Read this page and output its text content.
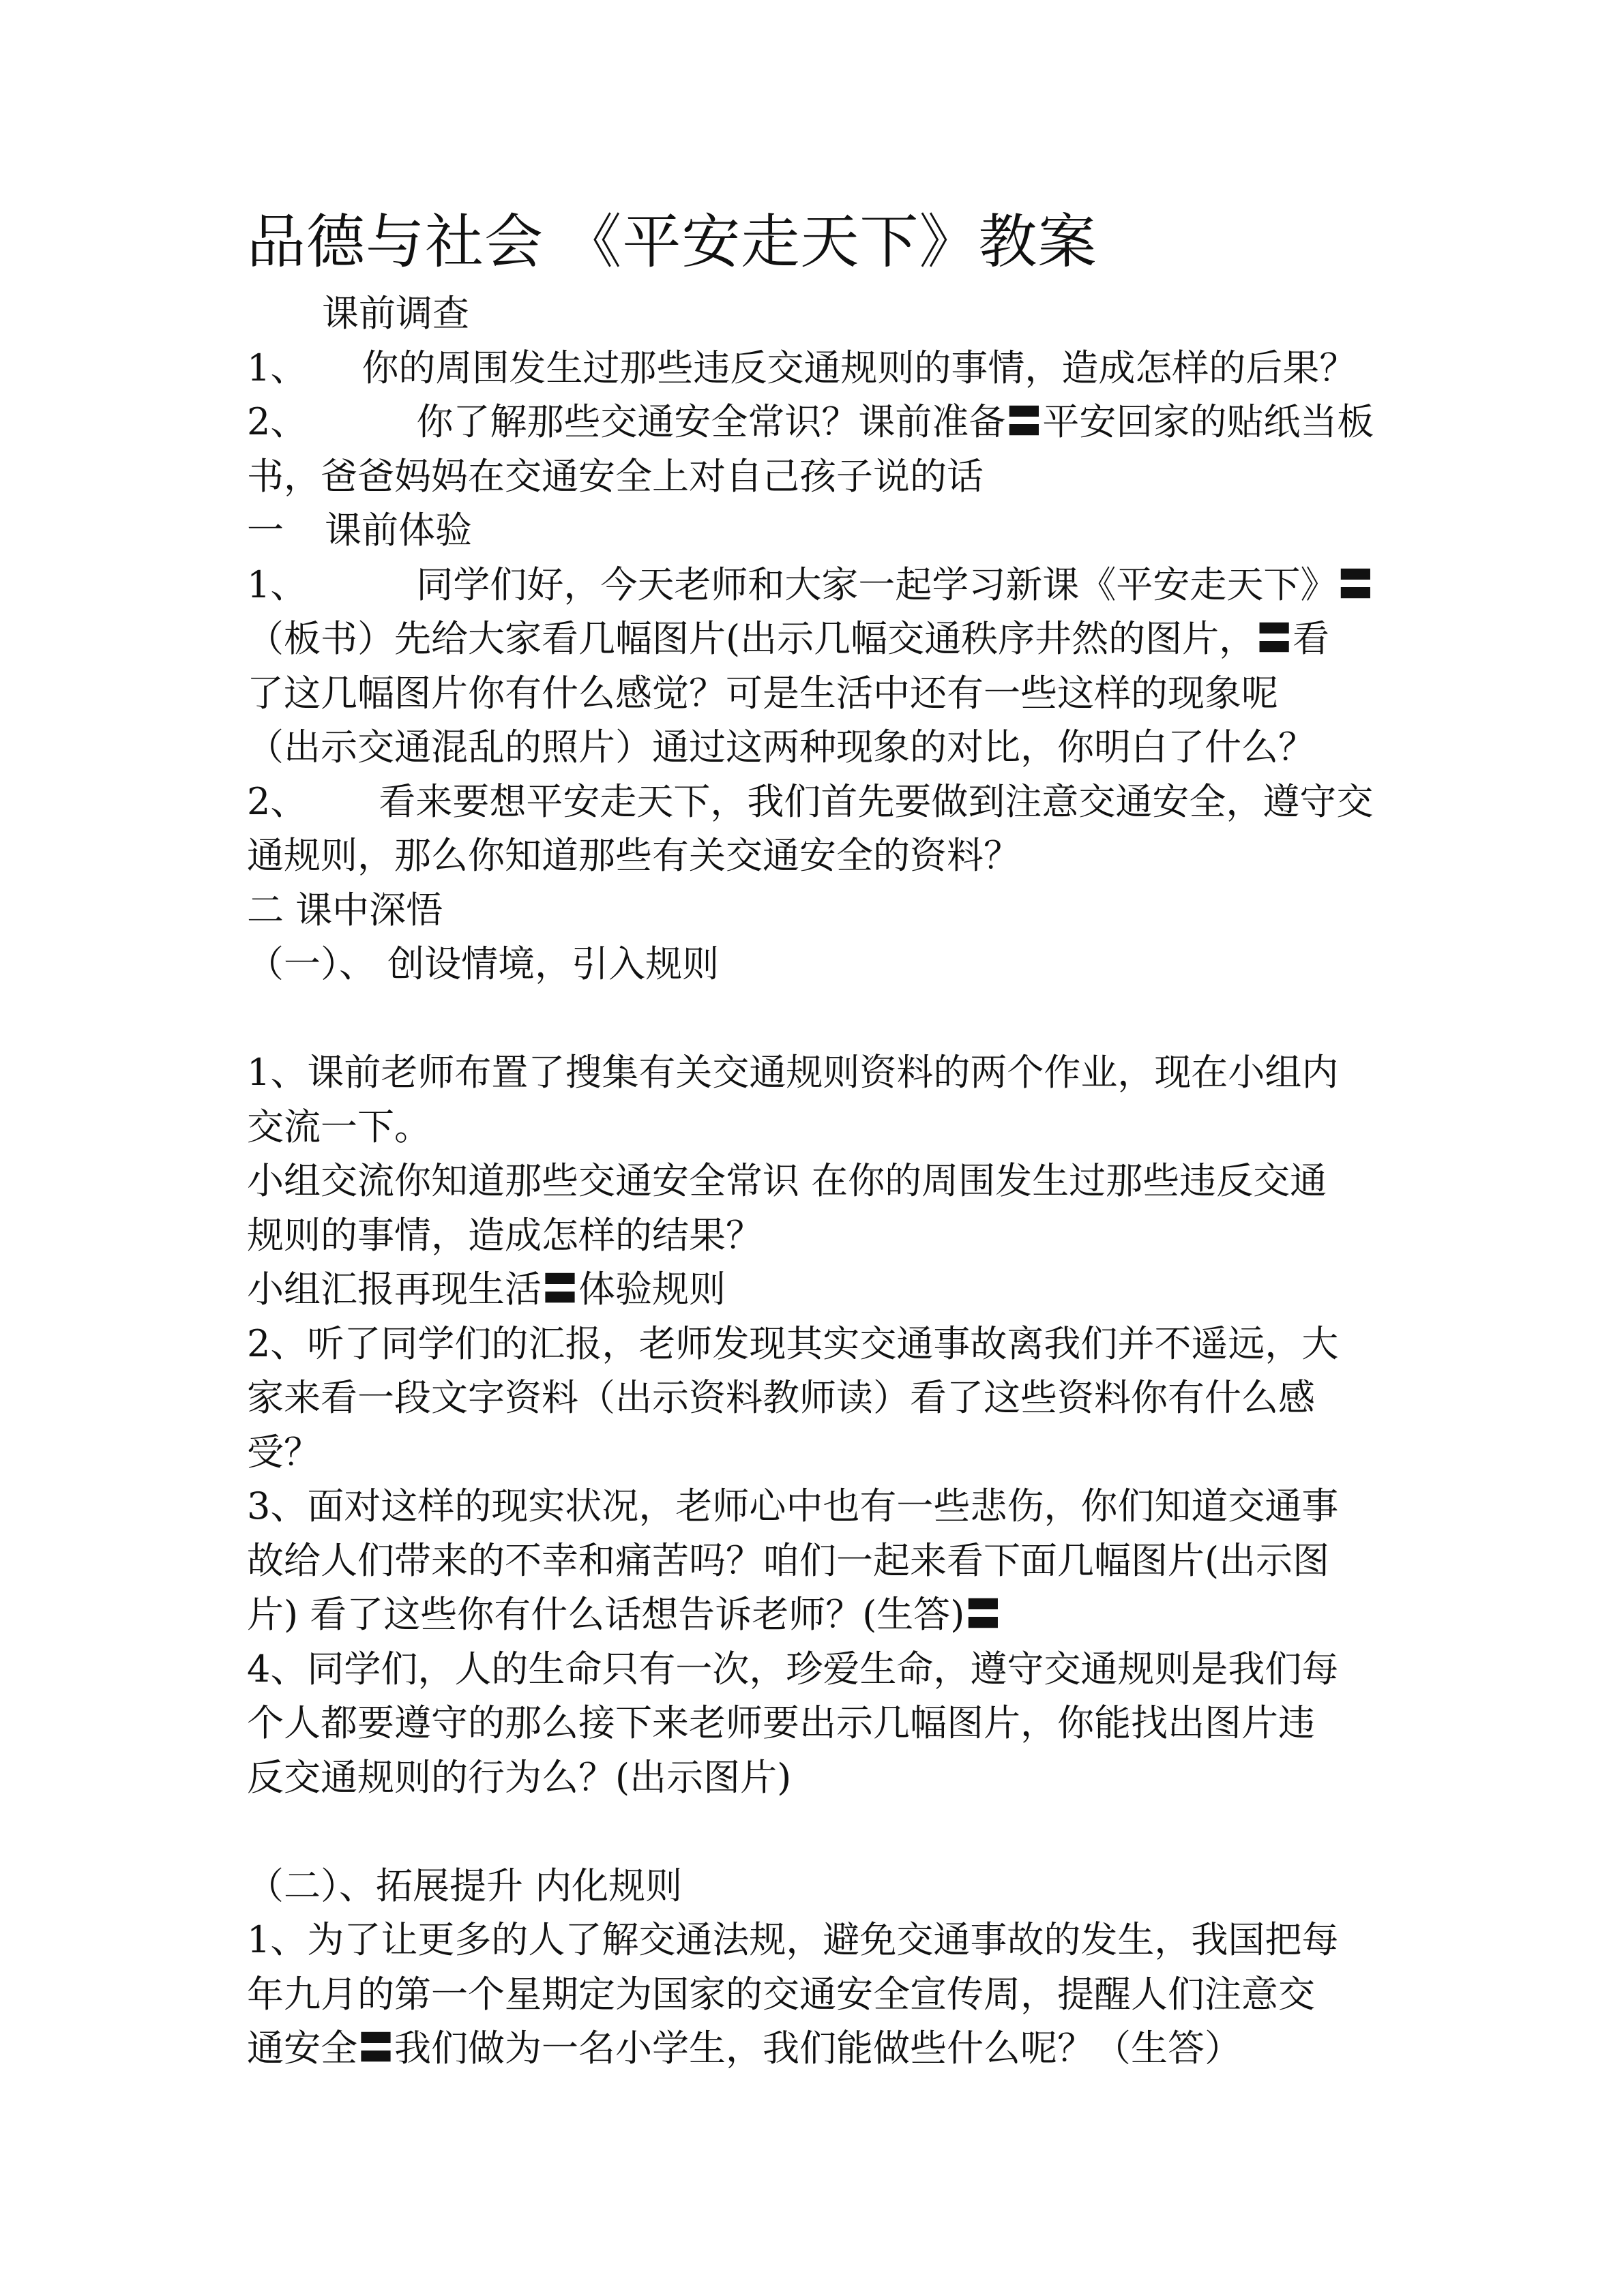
品德与社会 《平安走天下》教案
课前调查
1、 你的周围发生过那些违反交通规则的事情，造成怎样的后果？
2、	你了解那些交通安全常识？课前准备〓平安回家的贴纸当板
书，爸爸妈妈在交通安全上对自己孩子说的话
一 课前体验
1、	同学们好，今天老师和大家一起学习新课《平安走天下》〓
（板书）先给大家看几幅图片(出示几幅交通秩序井然的图片，〓看
了这几幅图片你有什么感觉？可是生活中还有一些这样的现象呢
（出示交通混乱的照片）通过这两种现象的对比，你明白了什么？
2、 看来要想平安走天下，我们首先要做到注意交通安全，遵守交
通规则，那么你知道那些有关交通安全的资料？
二 课中深悟
（一）、 创设情境，引入规则
1、课前老师布置了搜集有关交通规则资料的两个作业，现在小组内
交流一下。
小组交流你知道那些交通安全常识 在你的周围发生过那些违反交通
规则的事情，造成怎样的结果？
小组汇报再现生活〓体验规则
2、听了同学们的汇报，老师发现其实交通事故离我们并不遥远，大
家来看一段文字资料（出示资料教师读）看了这些资料你有什么感
受？
3、面对这样的现实状况，老师心中也有一些悲伤，你们知道交通事
故给人们带来的不幸和痛苦吗？咱们一起来看下面几幅图片(出示图
片) 看了这些你有什么话想告诉老师？(生答)〓
4、同学们，人的生命只有一次，珍爱生命，遵守交通规则是我们每
个人都要遵守的那么接下来老师要出示几幅图片，你能找出图片违
反交通规则的行为么？(出示图片)
（二）、拓展提升 内化规则
1、为了让更多的人了解交通法规，避免交通事故的发生，我国把每
年九月的第一个星期定为国家的交通安全宣传周，提醒人们注意交
通安全〓我们做为一名小学生，我们能做些什么呢？（生答）
